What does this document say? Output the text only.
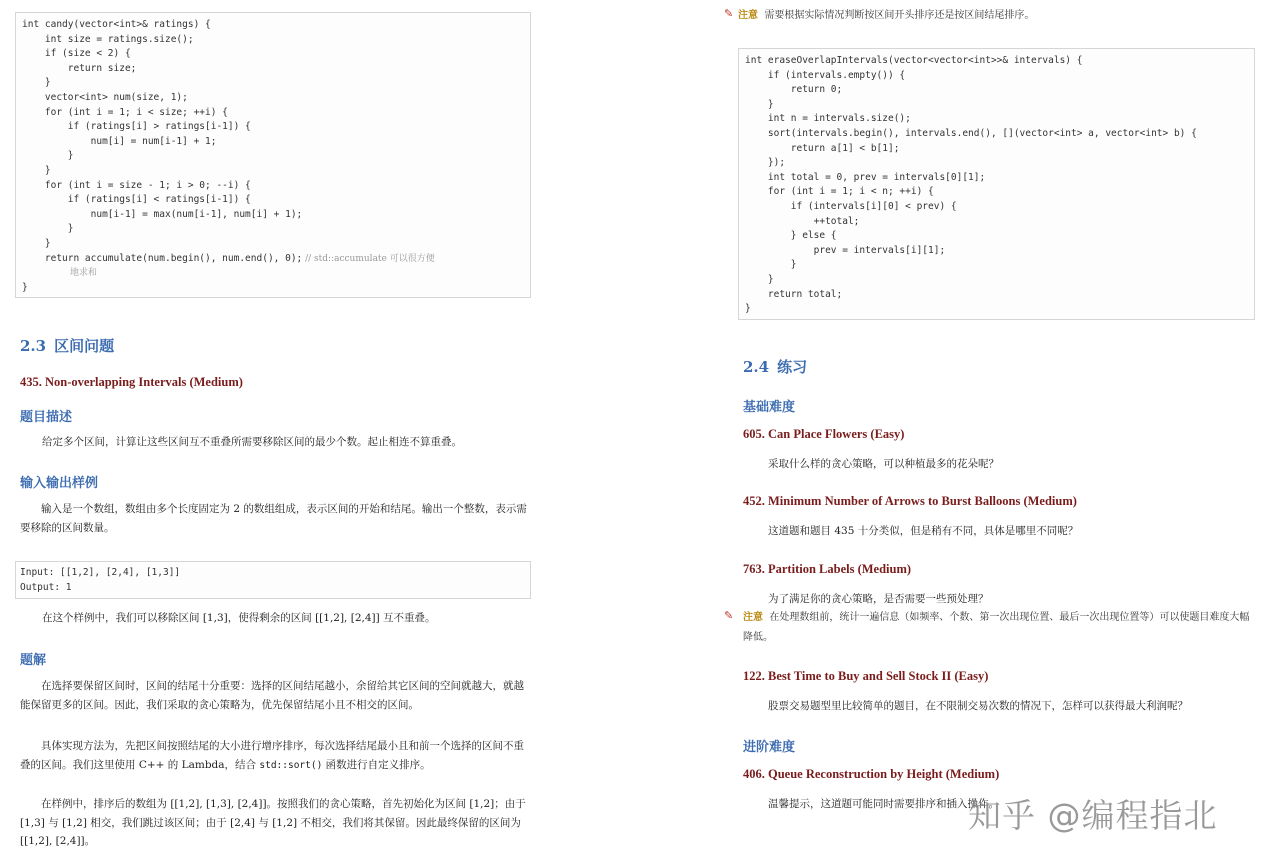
int candy(vector<int>& ratings) {
int size = ratings.size();
if (size < 2) {
return size;
}
vector<int> num(size, 1);
for (int i = 1; i < size; ++i) {
if (ratings[i] > ratings[i-1]) {
num[i] = num[i-1] + 1;
}
}
for (int i = size - 1; i > 0; --i) {
if (ratings[i] < ratings[i-1]) {
num[i-1] = max(num[i-1], num[i] + 1);
}
}
return accumulate(num.begin(), num.end(), 0); // std::accumulate 可以很方便
地求和
}
2.3 区间问题
435. Non-overlapping Intervals (Medium)
题目描述
给定多个区间，计算让这些区间互不重叠所需要移除区间的最少个数。起止相连不算重叠。
输入输出样例
输入是一个数组，数组由多个长度固定为 2 的数组组成，表示区间的开始和结尾。输出一个整数，表示需要移除的区间数量。
Input: [[1,2], [2,4], [1,3]]
Output: 1
在这个样例中，我们可以移除区间 [1,3]，使得剩余的区间 [[1,2], [2,4]] 互不重叠。
题解
在选择要保留区间时，区间的结尾十分重要：选择的区间结尾越小，余留给其它区间的空间就越大，就越能保留更多的区间。因此，我们采取的贪心策略为，优先保留结尾小且不相交的区间。
具体实现方法为，先把区间按照结尾的大小进行增序排序，每次选择结尾最小且和前一个选择的区间不重叠的区间。我们这里使用 C++ 的 Lambda，结合 std::sort() 函数进行自定义排序。
在样例中，排序后的数组为 [[1,2], [1,3], [2,4]]。按照我们的贪心策略，首先初始化为区间 [1,2]；由于 [1,3] 与 [1,2] 相交，我们跳过该区间；由于 [2,4] 与 [1,2] 不相交，我们将其保留。因此最终保留的区间为 [[1,2], [2,4]]。
✎ 注意 需要根据实际情况判断按区间开头排序还是按区间结尾排序。
int eraseOverlapIntervals(vector<vector<int>>& intervals) {
if (intervals.empty()) {
return 0;
}
int n = intervals.size();
sort(intervals.begin(), intervals.end(), [](vector<int> a, vector<int> b) {
return a[1] < b[1];
});
int total = 0, prev = intervals[0][1];
for (int i = 1; i < n; ++i) {
if (intervals[i][0] < prev) {
++total;
} else {
prev = intervals[i][1];
}
}
return total;
}
2.4 练习
基础难度
605. Can Place Flowers (Easy)
采取什么样的贪心策略，可以种植最多的花朵呢？
452. Minimum Number of Arrows to Burst Balloons (Medium)
这道题和题目 435 十分类似，但是稍有不同，具体是哪里不同呢？
763. Partition Labels (Medium)
为了满足你的贪心策略，是否需要一些预处理？
✎ 注意 在处理数组前，统计一遍信息（如频率、个数、第一次出现位置、最后一次出现位置等）可以使题目难度大幅降低。
122. Best Time to Buy and Sell Stock II (Easy)
股票交易题型里比较简单的题目，在不限制交易次数的情况下，怎样可以获得最大利润呢？
进阶难度
406. Queue Reconstruction by Height (Medium)
温馨提示，这道题可能同时需要排序和插入操作。
知乎 @编程指北
